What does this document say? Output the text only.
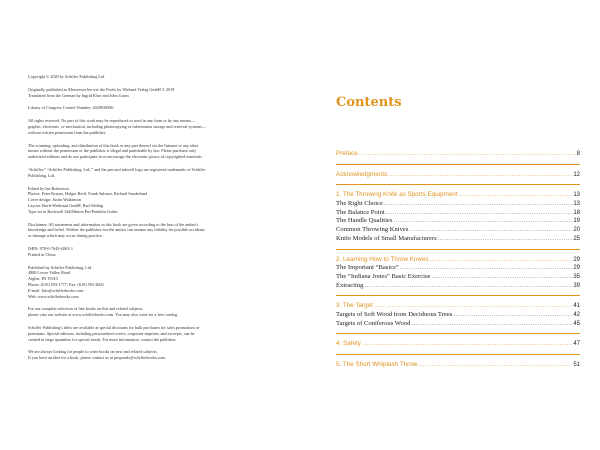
Copyright © 2020 by Schiffer Publishing Ltd.

Originally published as Messerwerfen wie die Profis by Wieland Verlag GmbH © 2018
Translated from the German by Ingrid Elser and John Guess

Library of Congress Control Number: 2020930946

All rights reserved. No part of this work may be reproduced or used in any form or by any means—
graphic, electronic, or mechanical, including photocopying or information storage and retrieval systems—
without written permission from the publisher.

The scanning, uploading, and distribution of this book or any part thereof via the Internet or any other
means without the permission of the publisher is illegal and punishable by law. Please purchase only
authorized editions and do not participate in or encourage the electronic piracy of copyrighted materials.

“Schiffer,” “Schiffer Publishing, Ltd.,” and the pen and inkwell logo are registered trademarks of Schiffer
Publishing, Ltd.

Edited by Ian Robertson
Photos: Peter Krauss, Holger Reiff, Frank Salomo, Richard Sanderland
Cover design: Justin Watkinson
Layout: Buch-Werkstatt GmbH, Bad Aibling
Type set in Rockwell Std/Minion Pro/Franklin Gothic

Disclaimer: All statements and information in this book are given according to the best of the author's
knowledge and belief. Neither the publisher nor the author can assume any liability for possible accidents
or damage which may occur during practice.

ISBN: 978-0-7643-6063-3
Printed in China

Published by Schiffer Publishing, Ltd.
4880 Lower Valley Road
Atglen, PA 19310
Phone: (610) 593-1777; Fax: (610) 593-2002
E-mail: Info@schifferbooks.com
Web: www.schifferbooks.com

For our complete selection of fine books on this and related subjects,
please visit our website at www.schifferbooks.com. You may also write for a free catalog.

Schiffer Publishing's titles are available at special discounts for bulk purchases for sales promotions or
premiums. Special editions, including personalized covers, corporate imprints, and excerpts, can be
created in large quantities for special needs. For more information, contact the publisher.

We are always looking for people to write books on new and related subjects.
If you have an idea for a book, please contact us at proposals@schifferbooks.com.

Contents
Preface .....	8
Acknowledgments .....	12
1. The Throwing Knife as Sports Equipment .....	13
The Right Choice .....	13
The Balance Point .....	18
The Handle Qualities .....	19
Common Throwing Knives .....	20
Knife Models of Small Manufacturers .....	25
2. Learning How to Throw Knives .....	29
The Important “Basics” .....	29
The “Indiana Jones” Basic Exercise .....	35
Extracting .....	39
3. The Target .....	41
Targets of Soft Wood from Deciduous Trees .....	42
Targets of Coniferous Wood .....	45
4. Safety .....	47
5. The Short Whiplash Throw .....	51
